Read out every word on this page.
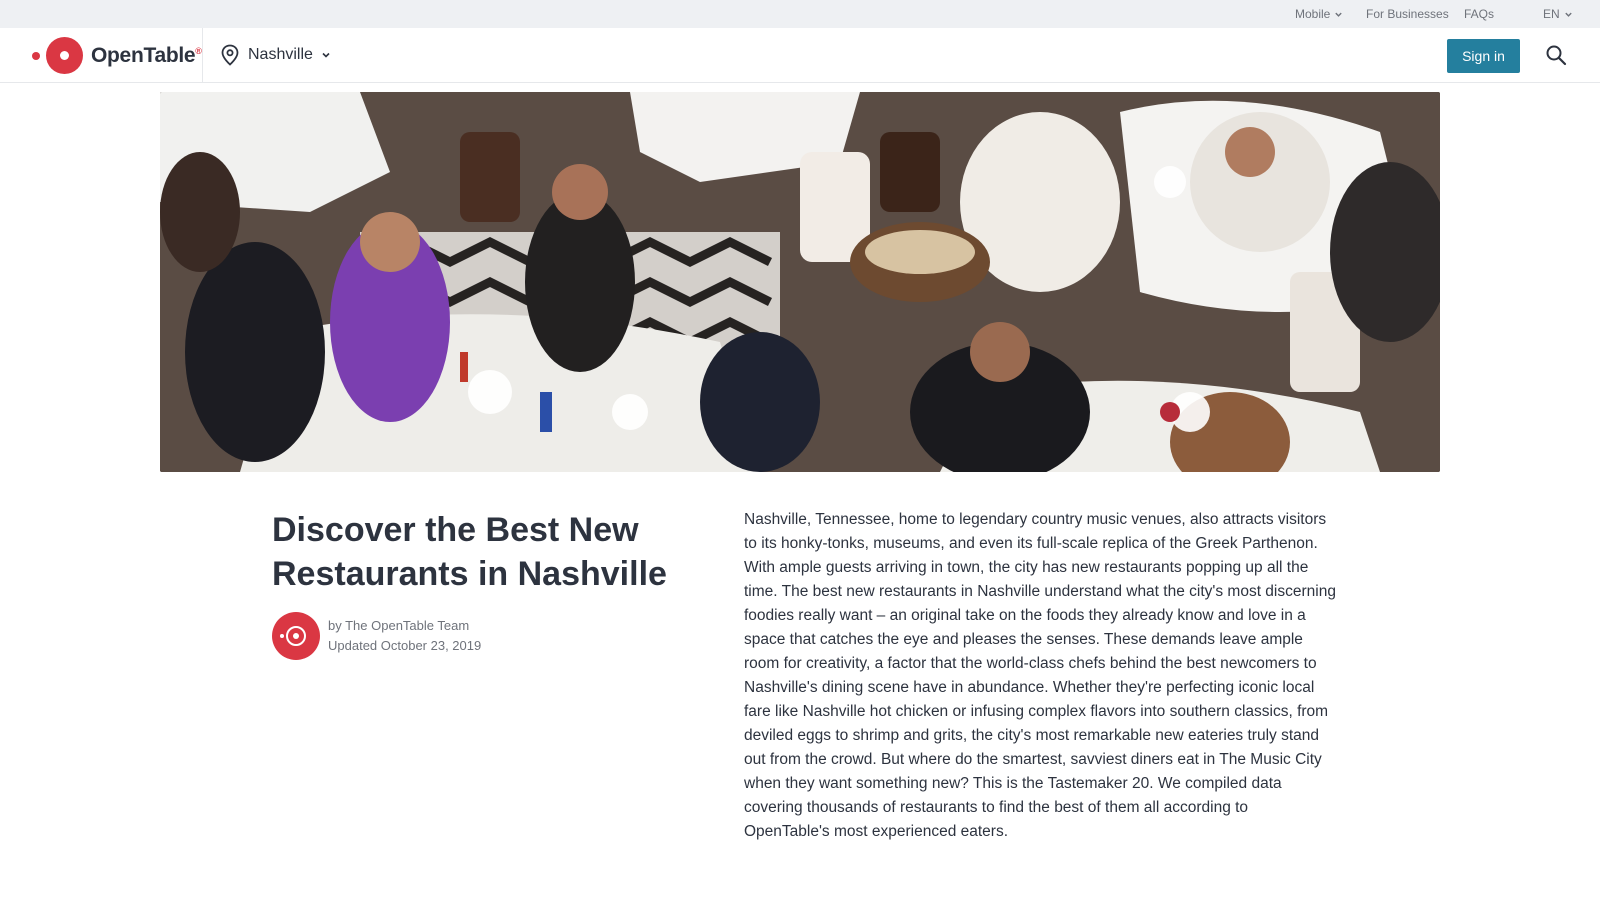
Mobile	For Businesses FAQs	EN
OpenTable®	Nashville	Sign in
Discover the Best New Restaurants in Nashville
by The OpenTable Team
Updated October 23, 2019

Nashville, Tennessee, home to legendary country music venues, also attracts visitors to its honky-tonks, museums, and even its full-scale replica of the Greek Parthenon. With ample guests arriving in town, the city has new restaurants popping up all the time. The best new restaurants in Nashville understand what the city's most discerning foodies really want – an original take on the foods they already know and love in a space that catches the eye and pleases the senses. These demands leave ample room for creativity, a factor that the world-class chefs behind the best newcomers to Nashville's dining scene have in abundance. Whether they're perfecting iconic local fare like Nashville hot chicken or infusing complex flavors into southern classics, from deviled eggs to shrimp and grits, the city's most remarkable new eateries truly stand out from the crowd. But where do the smartest, savviest diners eat in The Music City when they want something new? This is the Tastemaker 20. We compiled data covering thousands of restaurants to find the best of them all according to OpenTable's most experienced eaters.
